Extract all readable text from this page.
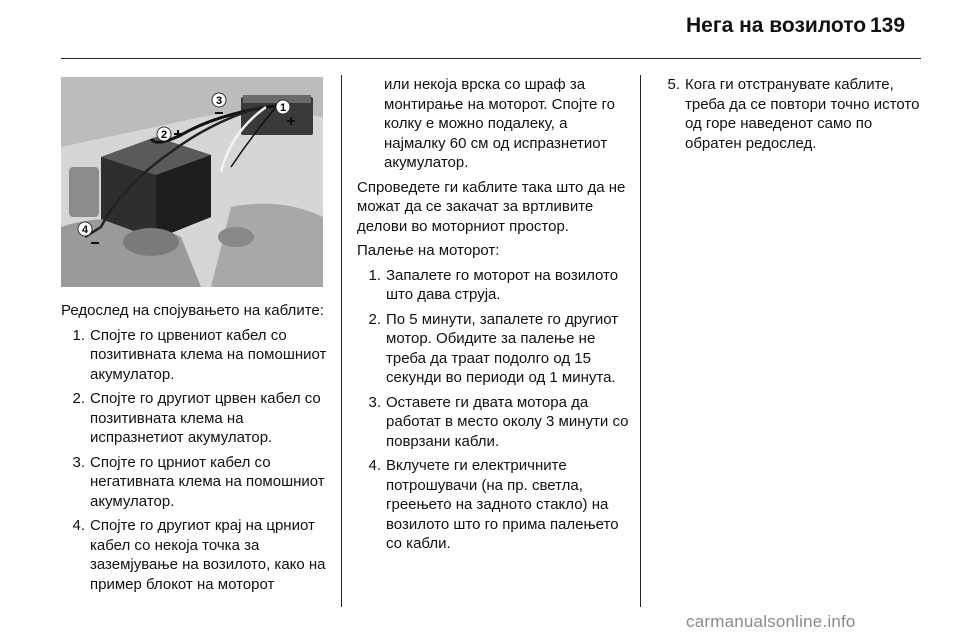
Нега на возилото 139
1
2
3
4

Редослед на спојувањето на каблите:

1. Спојте го црвениот кабел со позитивната клема на помошниот акумулатор.
2. Спојте го другиот црвен кабел со позитивната клема на испразнетиот акумулатор.
3. Спојте го црниот кабел со негативната клема на помошниот акумулатор.
4. Спојте го другиот крај на црниот кабел со некоја точка за заземјување на возилото, како на пример блокот на моторот

или некоја врска со шраф за монтирање на моторот. Спојте го колку е можно подалеку, а најмалку 60 см од испразнетиот акумулатор.

Спроведете ги каблите така што да не можат да се закачат за вртливите делови во моторниот простор.

Палење на моторот:

1. Запалете го моторот на возилото што дава струја.
2. По 5 минути, запалете го другиот мотор. Обидите за палење не треба да траат подолго од 15 секунди во периоди од 1 минута.
3. Оставете ги двата мотора да работат в место околу 3 минути со поврзани кабли.
4. Вклучете ги електричните потрошувачи (на пр. светла, греењето на задното стакло) на возилото што го прима палењето со кабли.
5. Кога ги отстранувате каблите, треба да се повтори точно истото од горе наведенот само по обратен редослед.
carmanualsonline.info
